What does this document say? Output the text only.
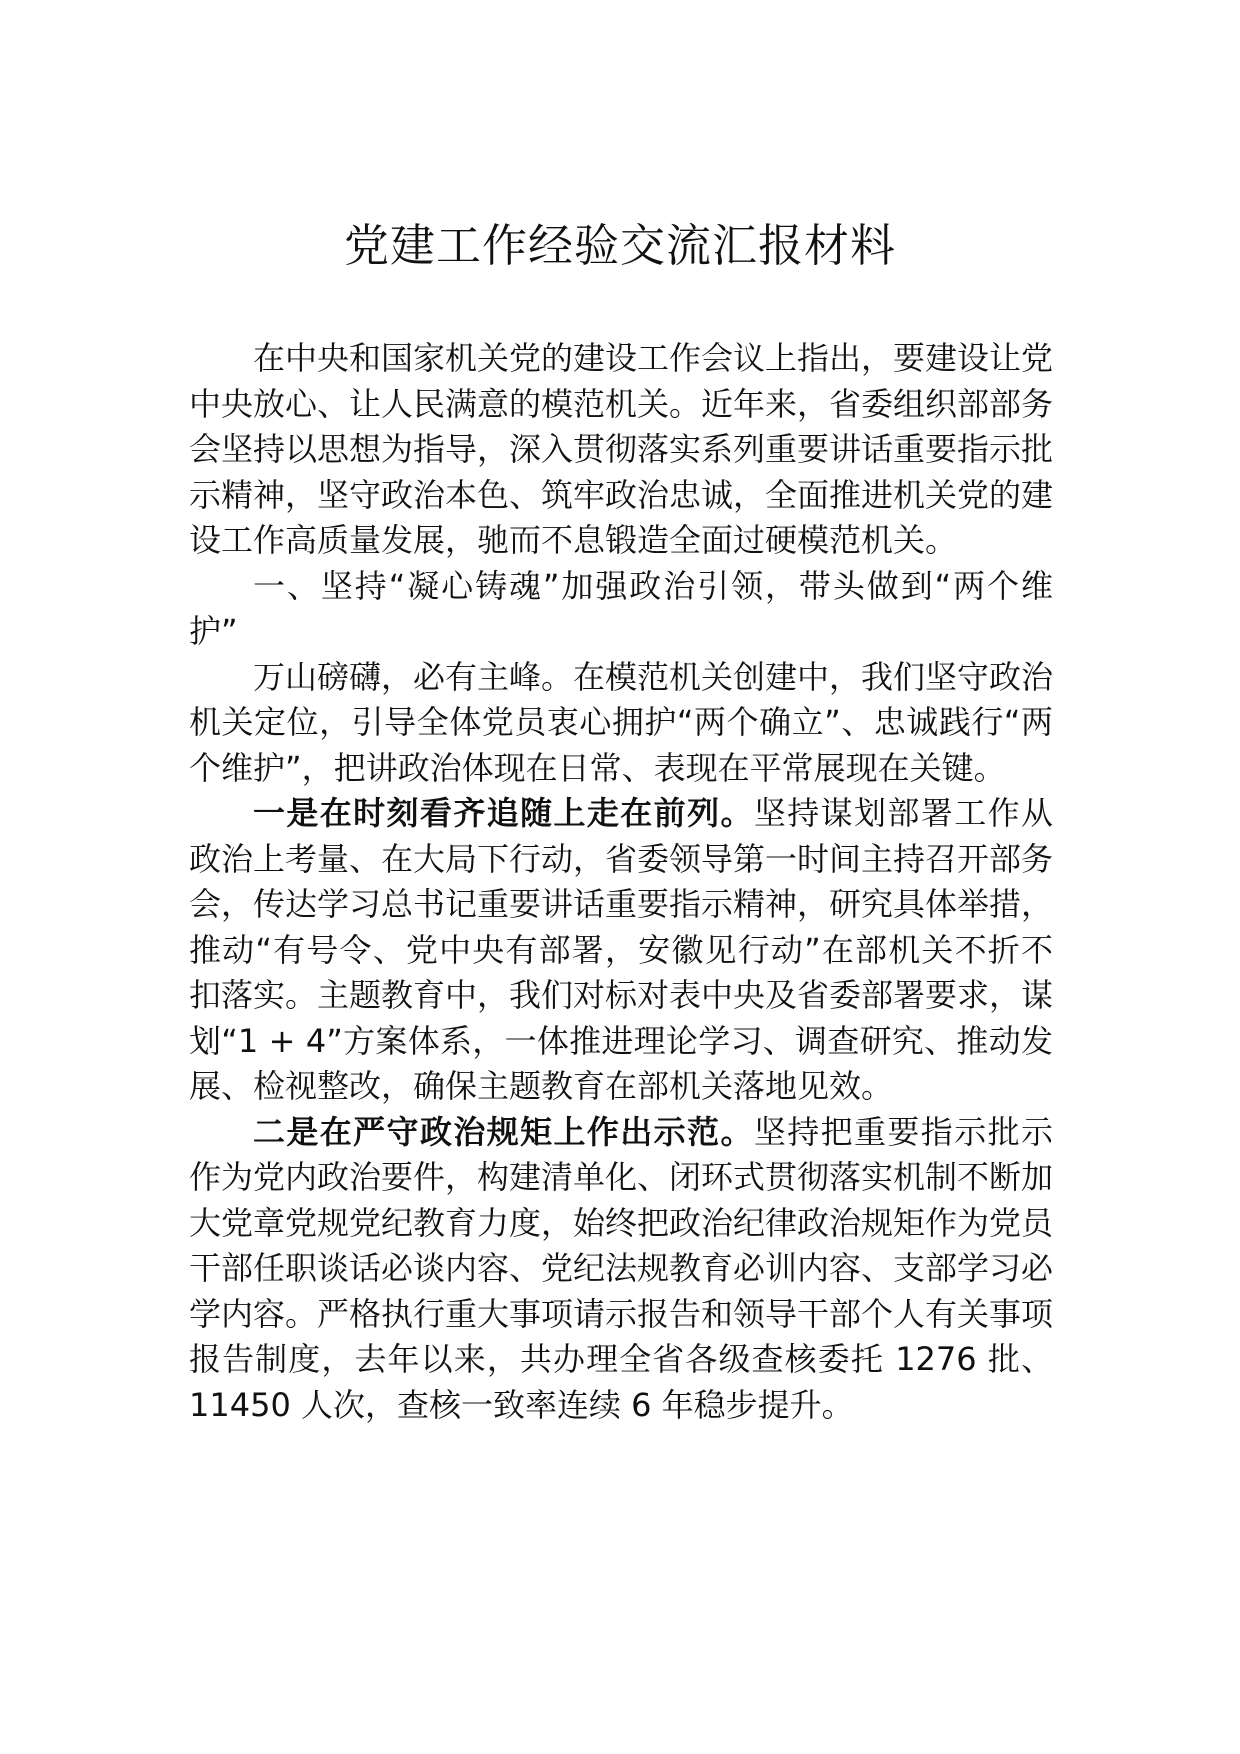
党建工作经验交流汇报材料

在中央和国家机关党的建设工作会议上指出，要建设让党中央放心、让人民满意的模范机关。近年来，省委组织部部务会坚持以思想为指导，深入贯彻落实系列重要讲话重要指示批示精神，坚守政治本色、筑牢政治忠诚，全面推进机关党的建设工作高质量发展，驰而不息锻造全面过硬模范机关。

一、坚持“凝心铸魂”加强政治引领，带头做到“两个维护”

万山磅礴，必有主峰。在模范机关创建中，我们坚守政治机关定位，引导全体党员衷心拥护“两个确立”、忠诚践行“两个维护”，把讲政治体现在日常、表现在平常展现在关键。

一是在时刻看齐追随上走在前列。坚持谋划部署工作从政治上考量、在大局下行动，省委领导第一时间主持召开部务会，传达学习总书记重要讲话重要指示精神，研究具体举措，推动“有号令、党中央有部署，安徽见行动”在部机关不折不扣落实。主题教育中，我们对标对表中央及省委部署要求，谋划“1 + 4”方案体系，一体推进理论学习、调查研究、推动发展、检视整改，确保主题教育在部机关落地见效。

二是在严守政治规矩上作出示范。坚持把重要指示批示作为党内政治要件，构建清单化、闭环式贯彻落实机制不断加大党章党规党纪教育力度，始终把政治纪律政治规矩作为党员干部任职谈话必谈内容、党纪法规教育必训内容、支部学习必学内容。严格执行重大事项请示报告和领导干部个人有关事项报告制度，去年以来，共办理全省各级查核委托 1276 批、11450 人次，查核一致率连续 6 年稳步提升。
